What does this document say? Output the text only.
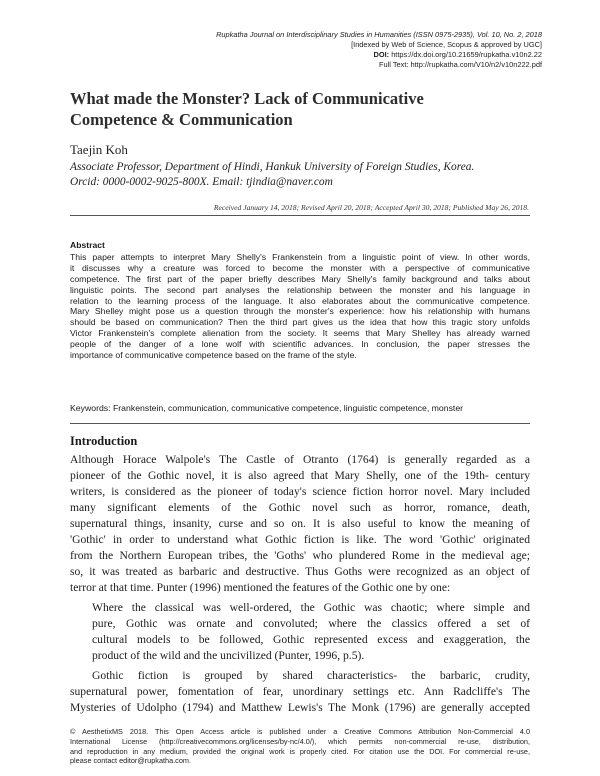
Rupkatha Journal on Interdisciplinary Studies in Humanities (ISSN 0975-2935), Vol. 10, No. 2, 2018
[Indexed by Web of Science, Scopus & approved by UGC]
DOI: https://dx.doi.org/10.21659/rupkatha.v10n2.22
Full Text: http://rupkatha.com/V10/n2/v10n222.pdf
What made the Monster? Lack of Communicative
Competence & Communication
Taejin Koh
Associate Professor, Department of Hindi, Hankuk University of Foreign Studies, Korea.
Orcid: 0000-0002-9025-800X. Email: tjindia@naver.com
Received January 14, 2018; Revised April 20, 2018; Accepted April 30, 2018; Published May 26, 2018.
Abstract
This paper attempts to interpret Mary Shelly's Frankenstein from a linguistic point of view. In other words,
it discusses why a creature was forced to become the monster with a perspective of communicative
competence. The first part of the paper briefly describes Mary Shelly's family background and talks about
linguistic points. The second part analyses the relationship between the monster and his language in
relation to the learning process of the language. It also elaborates about the communicative competence.
Mary Shelley might pose us a question through the monster's experience: how his relationship with humans
should be based on communication? Then the third part gives us the idea that how this tragic story unfolds
Victor Frankenstein's complete alienation from the society. It seems that Mary Shelley has already warned
people of the danger of a lone wolf with scientific advances. In conclusion, the paper stresses the
importance of communicative competence based on the frame of the style.
Keywords: Frankenstein, communication, communicative competence, linguistic competence, monster
Introduction
Although Horace Walpole's The Castle of Otranto (1764) is generally regarded as a
pioneer of the Gothic novel, it is also agreed that Mary Shelly, one of the 19th- century
writers, is considered as the pioneer of today's science fiction horror novel. Mary included
many significant elements of the Gothic novel such as horror, romance, death,
supernatural things, insanity, curse and so on. It is also useful to know the meaning of
'Gothic' in order to understand what Gothic fiction is like. The word 'Gothic' originated
from the Northern European tribes, the 'Goths' who plundered Rome in the medieval age;
so, it was treated as barbaric and destructive. Thus Goths were recognized as an object of
terror at that time. Punter (1996) mentioned the features of the Gothic one by one:
Where the classical was well-ordered, the Gothic was chaotic; where simple and
pure, Gothic was ornate and convoluted; where the classics offered a set of
cultural models to be followed, Gothic represented excess and exaggeration, the
product of the wild and the uncivilized (Punter, 1996, p.5).
Gothic fiction is grouped by shared characteristics- the barbaric, crudity,
supernatural power, fomentation of fear, unordinary settings etc. Ann Radcliffe's The
Mysteries of Udolpho (1794) and Matthew Lewis's The Monk (1796) are generally accepted
© AesthetixMS 2018. This Open Access article is published under a Creative Commons Attribution Non-Commercial 4.0
International License (http://creativecommons.org/licenses/by-nc/4.0/), which permits non-commercial re-use, distribution,
and reproduction in any medium, provided the original work is properly cited. For citation use the DOI. For commercial re-use,
please contact editor@rupkatha.com.
